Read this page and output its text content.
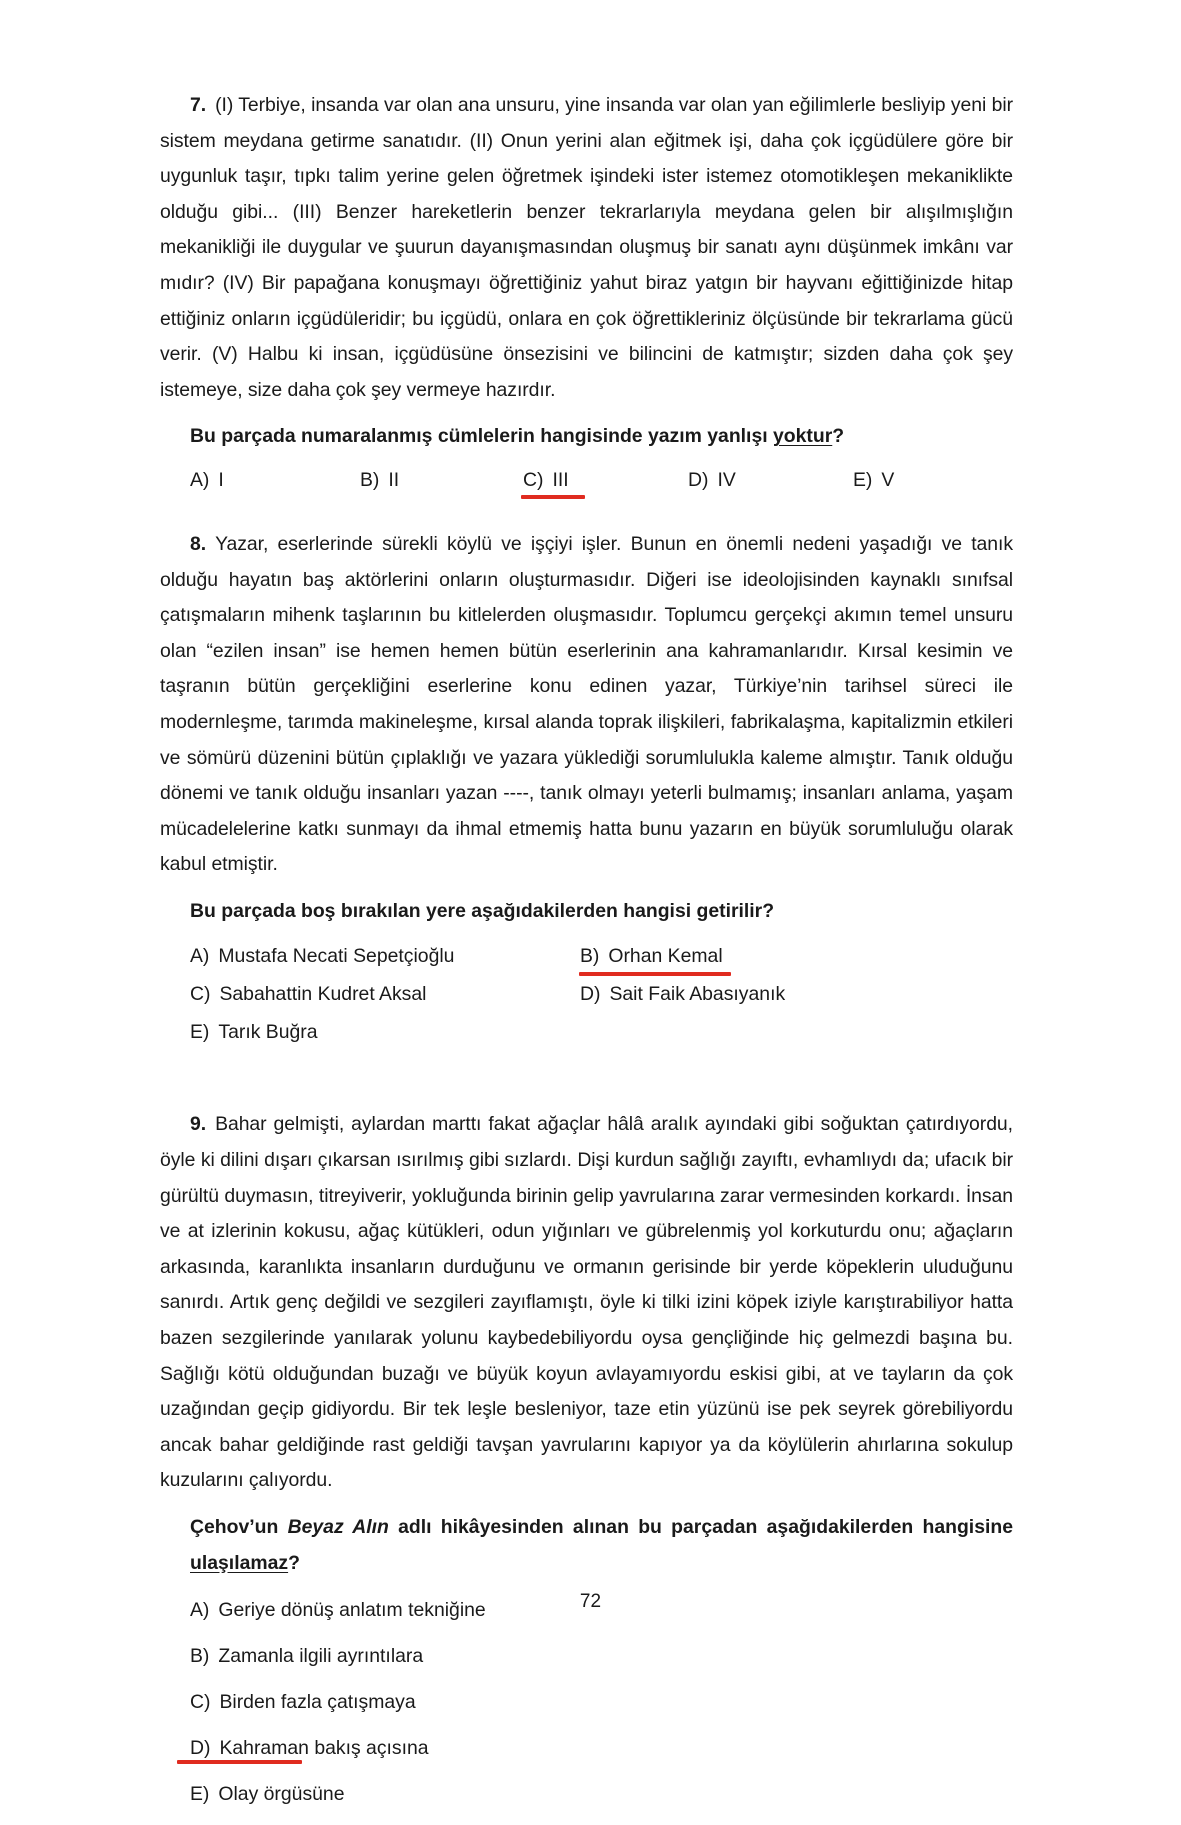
7. (I) Terbiye, insanda var olan ana unsuru, yine insanda var olan yan eğilimlerle besliyip yeni bir sistem meydana getirme sanatıdır. (II) Onun yerini alan eğitmek işi, daha çok içgüdülere göre bir uygunluk taşır, tıpkı talim yerine gelen öğretmek işindeki ister istemez otomotikleşen mekaniklikte olduğu gibi... (III) Benzer hareketlerin benzer tekrarlarıyla meydana gelen bir alışılmışlığın mekanikliği ile duygular ve şuurun dayanışmasından oluşmuş bir sanatı aynı düşünmek imkânı var mıdır? (IV) Bir papağana konuşmayı öğrettiğiniz yahut biraz yatgın bir hayvanı eğittiğinizde hitap ettiğiniz onların içgüdüleridir; bu içgüdü, onlara en çok öğrettikleriniz ölçüsünde bir tekrarlama gücü verir. (V) Halbu ki insan, içgüdüsüne önsezisini ve bilincini de katmıştır; sizden daha çok şey istemeye, size daha çok şey vermeye hazırdır.

Bu parçada numaralanmış cümlelerin hangisinde yazım yanlışı yoktur?

A) I	B) II	C) III	D) IV	E) V

8. Yazar, eserlerinde sürekli köylü ve işçiyi işler. Bunun en önemli nedeni yaşadığı ve tanık olduğu hayatın baş aktörlerini onların oluşturmasıdır. Diğeri ise ideolojisinden kaynaklı sınıfsal çatışmaların mihenk taşlarının bu kitlelerden oluşmasıdır. Toplumcu gerçekçi akımın temel unsuru olan “ezilen insan” ise hemen hemen bütün eserlerinin ana kahramanlarıdır. Kırsal kesimin ve taşranın bütün gerçekliğini eserlerine konu edinen yazar, Türkiye’nin tarihsel süreci ile modernleşme, tarımda makineleşme, kırsal alanda toprak ilişkileri, fabrikalaşma, kapitalizmin etkileri ve sömürü düzenini bütün çıplaklığı ve yazara yüklediği sorumlulukla kaleme almıştır. Tanık olduğu dönemi ve tanık olduğu insanları yazan ----, tanık olmayı yeterli bulmamış; insanları anlama, yaşam mücadelelerine katkı sunmayı da ihmal etmemiş hatta bunu yazarın en büyük sorumluluğu olarak kabul etmiştir.

Bu parçada boş bırakılan yere aşağıdakilerden hangisi getirilir?

A) Mustafa Necati Sepetçioğlu	B) Orhan Kemal
C) Sabahattin Kudret Aksal	D) Sait Faik Abasıyanık
E) Tarık Buğra

9. Bahar gelmişti, aylardan marttı fakat ağaçlar hâlâ aralık ayındaki gibi soğuktan çatırdıyordu, öyle ki dilini dışarı çıkarsan ısırılmış gibi sızlardı. Dişi kurdun sağlığı zayıftı, evhamlıydı da; ufacık bir gürültü duymasın, titreyiverir, yokluğunda birinin gelip yavrularına zarar vermesinden korkardı. İnsan ve at izlerinin kokusu, ağaç kütükleri, odun yığınları ve gübrelenmiş yol korkuturdu onu; ağaçların arkasında, karanlıkta insanların durduğunu ve ormanın gerisinde bir yerde köpeklerin uluduğunu sanırdı. Artık genç değildi ve sezgileri zayıflamıştı, öyle ki tilki izini köpek iziyle karıştırabiliyor hatta bazen sezgilerinde yanılarak yolunu kaybedebiliyordu oysa gençliğinde hiç gelmezdi başına bu. Sağlığı kötü olduğundan buzağı ve büyük koyun avlayamıyordu eskisi gibi, at ve tayların da çok uzağından geçip gidiyordu. Bir tek leşle besleniyor, taze etin yüzünü ise pek seyrek görebiliyordu ancak bahar geldiğinde rast geldiği tavşan yavrularını kapıyor ya da köylülerin ahırlarına sokulup kuzularını çalıyordu.

Çehov’un Beyaz Alın adlı hikâyesinden alınan bu parçadan aşağıdakilerden hangisine ulaşılamaz?

A) Geriye dönüş anlatım tekniğine
B) Zamanla ilgili ayrıntılara
C) Birden fazla çatışmaya
D) Kahraman bakış açısına
E) Olay örgüsüne
72
